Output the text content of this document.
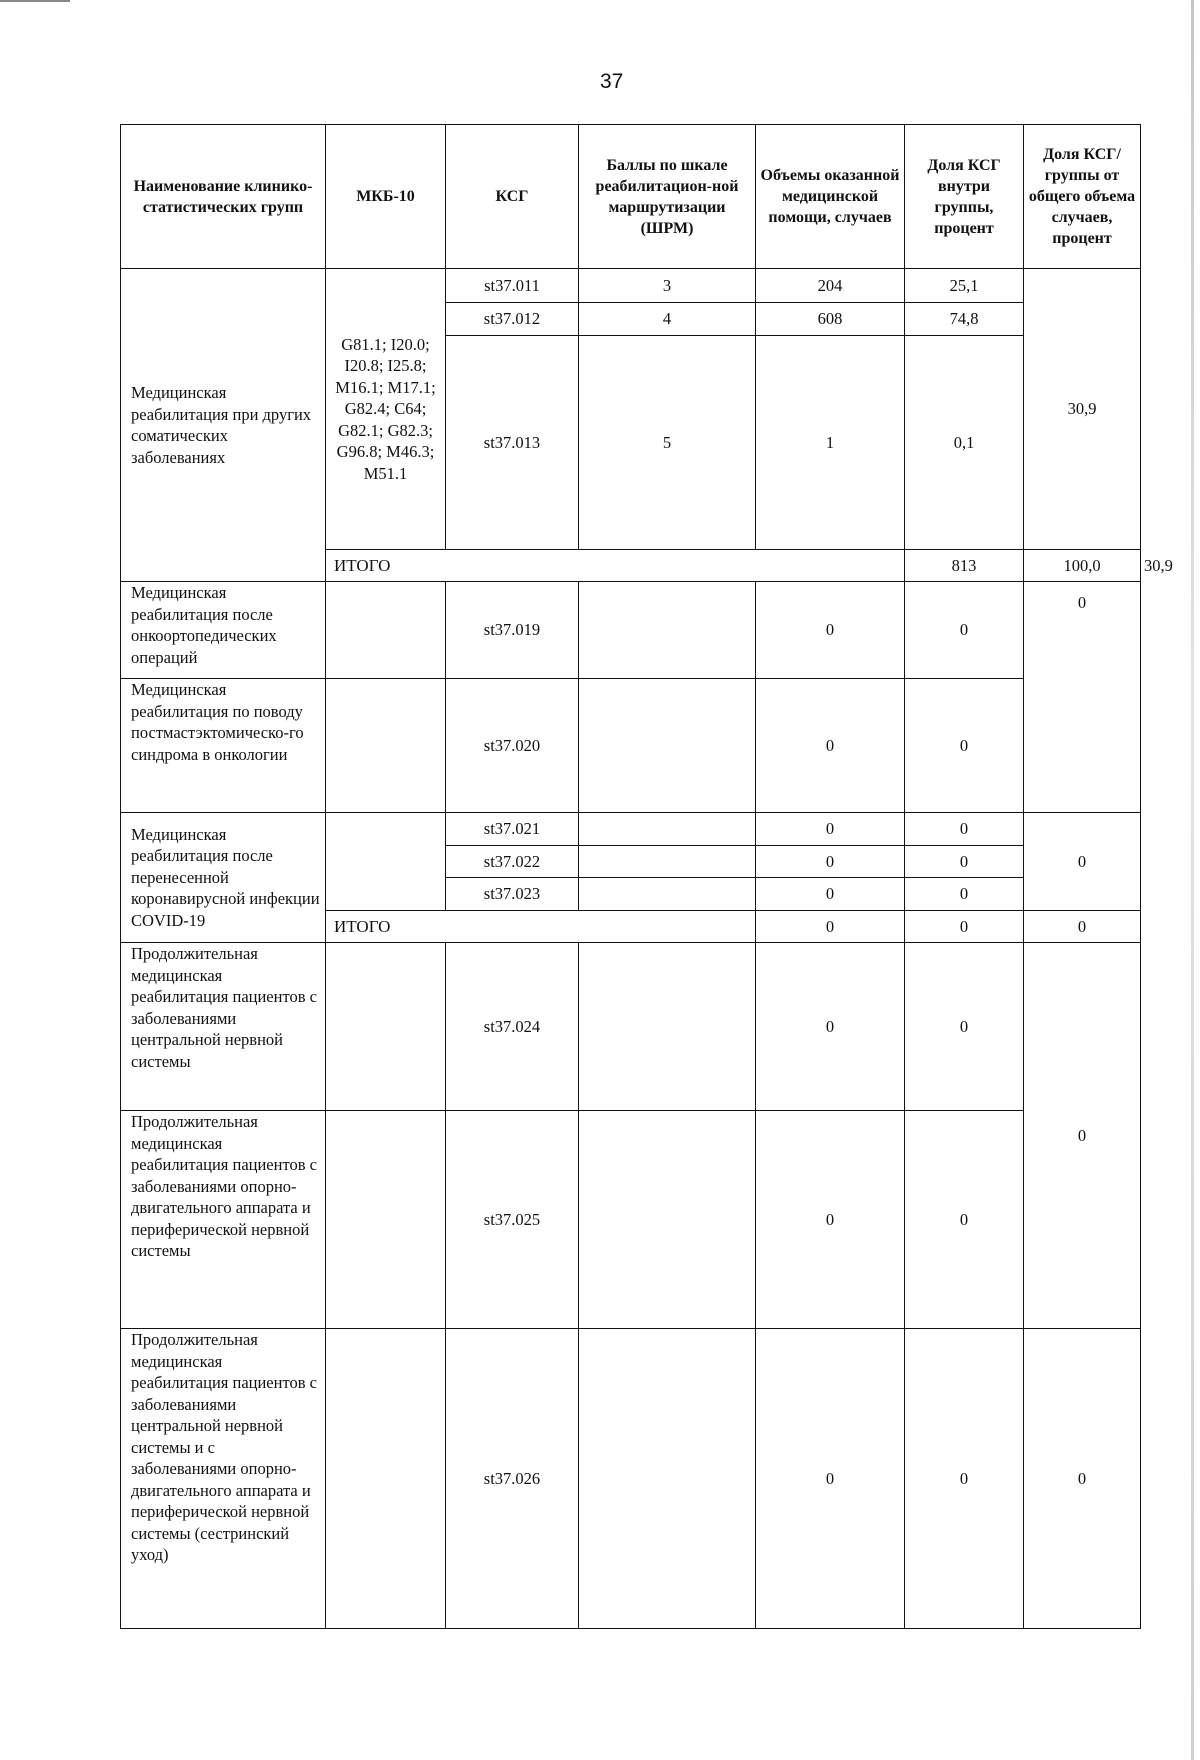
37
Наименование клинико-статистических групп	МКБ-10	КСГ	Баллы по шкале реабилитацион-ной маршрутизации (ШРМ)	Объемы оказанной медицинской помощи, случаев	Доля КСГ внутри группы, процент	Доля КСГ/ группы от общего объема случаев, процент	
Медицинская реабилитация при других соматических заболеваниях	G81.1; I20.0; I20.8; I25.8; M16.1; M17.1; G82.4; C64; G82.1; G82.3; G96.8; M46.3; M51.1	st37.011	3	204	25,1	30,9	
		st37.012	4	608	74,8		
		st37.013	5	1	0,1		
	ИТОГО				813	100,0	30,9
Медицинская реабилитация после онкоортопедических операций		st37.019		0	0	0	
Медицинская реабилитация по поводу постмастэктомическо-го синдрома в онкологии		st37.020		0	0		
Медицинская реабилитация после перенесенной коронавирусной инфекции COVID-19		st37.021		0	0	0	
		st37.022		0	0		
		st37.023		0	0		
	ИТОГО			0	0	0	
Продолжительная медицинская реабилитация пациентов с заболеваниями центральной нервной системы		st37.024		0	0	0	
Продолжительная медицинская реабилитация пациентов с заболеваниями опорно-двигательного аппарата и периферической нервной системы		st37.025		0	0		
Продолжительная медицинская реабилитация пациентов с заболеваниями центральной нервной системы и с заболеваниями опорно-двигательного аппарата и периферической нервной системы (сестринский уход)		st37.026		0	0	0	
